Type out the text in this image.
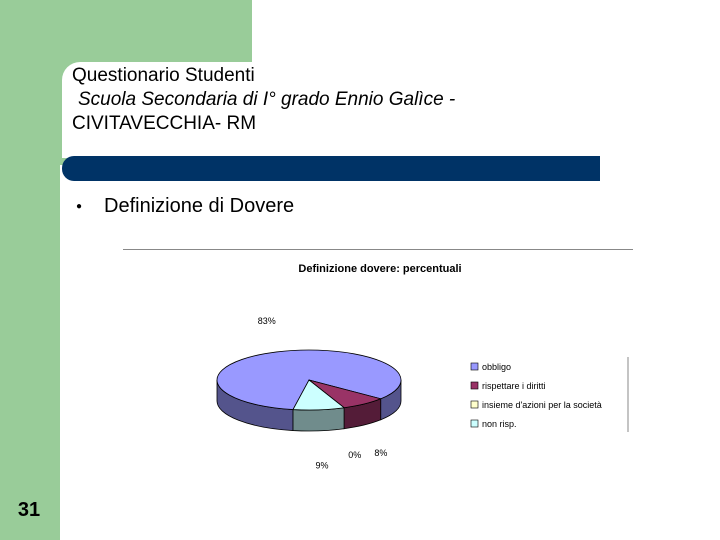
Questionario Studenti
Scuola Secondaria di I° grado Ennio Galìce -
CIVITAVECCHIA- RM
● Definizione di Dovere
Definizione dovere: percentuali
83%
8%
0%
9%
obbligo
rispettare i diritti
insieme d'azioni per la società
non risp.
31
